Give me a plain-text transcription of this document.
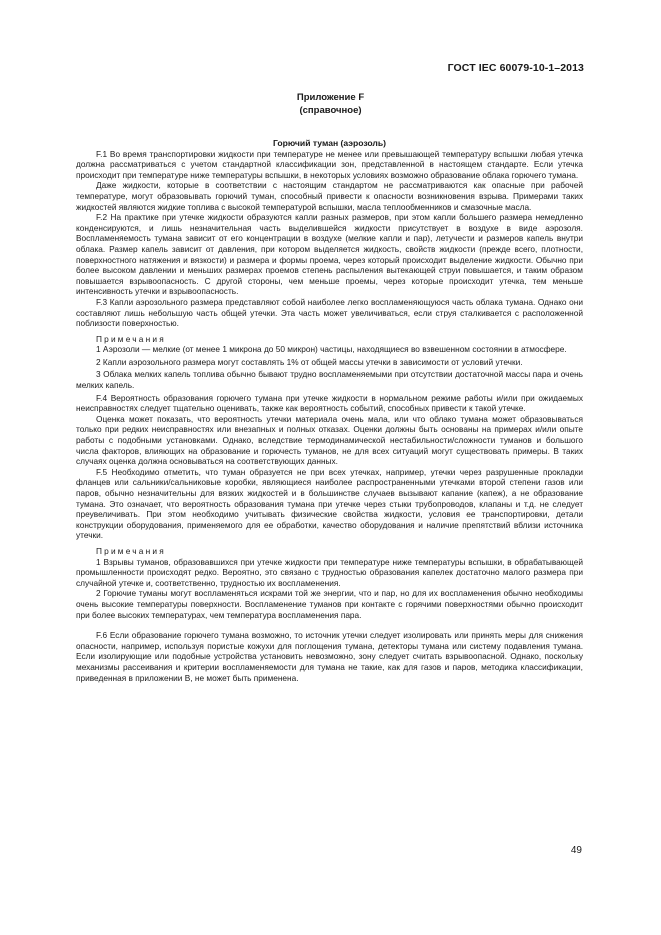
ГОСТ IEC 60079-10-1–2013
Приложение F
(справочное)

Горючий туман (аэрозоль)

F.1 Во время транспортировки жидкости при температуре не менее или превышающей температуру вспышки любая утечка должна рассматриваться с учетом стандартной классификации зон, представленной в настоящем стандарте. Если утечка происходит при температуре ниже температуры вспышки, в некоторых условиях возможно образование облака горючего тумана.

Даже жидкости, которые в соответствии с настоящим стандартом не рассматриваются как опасные при рабочей температуре, могут образовывать горючий туман, способный привести к опасности возникновения взрыва. Примерами таких жидкостей являются жидкие топлива с высокой температурой вспышки, масла теплообменников и смазочные масла.

F.2 На практике при утечке жидкости образуются капли разных размеров, при этом капли большего размера немедленно конденсируются, и лишь незначительная часть выделившейся жидкости присутствует в воздухе в виде аэрозоля. Воспламеняемость тумана зависит от его концентрации в воздухе (мелкие капли и пар), летучести и размеров капель внутри облака. Размер капель зависит от давления, при котором выделяется жидкость, свойств жидкости (прежде всего, плотности, поверхностного натяжения и вязкости) и размера и формы проема, через который происходит выделение жидкости. Обычно при более высоком давлении и меньших размерах проемов степень распыления вытекающей струи повышается, и таким образом повышается взрывоопасность. С другой стороны, чем меньше проемы, через которые происходит утечка, тем меньше интенсивность утечки и взрывоопасность.

F.3 Капли аэрозольного размера представляют собой наиболее легко воспламеняющуюся часть облака тумана. Однако они составляют лишь небольшую часть общей утечки. Эта часть может увеличиваться, если струя сталкивается с расположенной поблизости поверхностью.

Примечания

1 Аэрозоли — мелкие (от менее 1 микрона до 50 микрон) частицы, находящиеся во взвешенном состоянии в атмосфере.

2 Капли аэрозольного размера могут составлять 1% от общей массы утечки в зависимости от условий утечки.

3 Облака мелких капель топлива обычно бывают трудно воспламеняемыми при отсутствии достаточной массы пара и очень мелких капель.

F.4 Вероятность образования горючего тумана при утечке жидкости в нормальном режиме работы и/или при ожидаемых неисправностях следует тщательно оценивать, также как вероятность событий, способных привести к такой утечке.

Оценка может показать, что вероятность утечки материала очень мала, или что облако тумана может образовываться только при редких неисправностях или внезапных и полных отказах. Оценки должны быть основаны на примерах и/или опыте работы с подобными установками. Однако, вследствие термодинамической нестабильности/сложности туманов и большого числа факторов, влияющих на образование и горючесть туманов, не для всех ситуаций могут существовать примеры. В таких случаях оценка должна основываться на соответствующих данных.

F.5 Необходимо отметить, что туман образуется не при всех утечках, например, утечки через разрушенные прокладки фланцев или сальники/сальниковые коробки, являющиеся наиболее распространенными утечками второй степени газов или паров, обычно незначительны для вязких жидкостей и в большинстве случаев вызывают капание (капеж), а не образование тумана. Это означает, что вероятность образования тумана при утечке через стыки трубопроводов, клапаны и т.д. не следует преувеличивать. При этом необходимо учитывать физические свойства жидкости, условия ее транспортировки, детали конструкции оборудования, применяемого для ее обработки, качество оборудования и наличие препятствий вблизи источника утечки.

Примечания

1 Взрывы туманов, образовавшихся при утечке жидкости при температуре ниже температуры вспышки, в обрабатывающей промышленности происходят редко. Вероятно, это связано с трудностью образования капелек достаточно малого размера при случайной утечке и, соответственно, трудностью их воспламенения.

2 Горючие туманы могут воспламеняться искрами той же энергии, что и пар, но для их воспламенения обычно необходимы очень высокие температуры поверхности. Воспламенение туманов при контакте с горячими поверхностями обычно происходит при более высоких температурах, чем температура воспламенения пара.

F.6 Если образование горючего тумана возможно, то источник утечки следует изолировать или принять меры для снижения опасности, например, используя пористые кожухи для поглощения тумана, детекторы тумана или систему подавления тумана. Если изолирующие или подобные устройства установить невозможно, зону следует считать взрывоопасной. Однако, поскольку механизмы рассеивания и критерии воспламеняемости для тумана не такие, как для газов и паров, методика классификации, приведенная в приложении B, не может быть применена.

49
